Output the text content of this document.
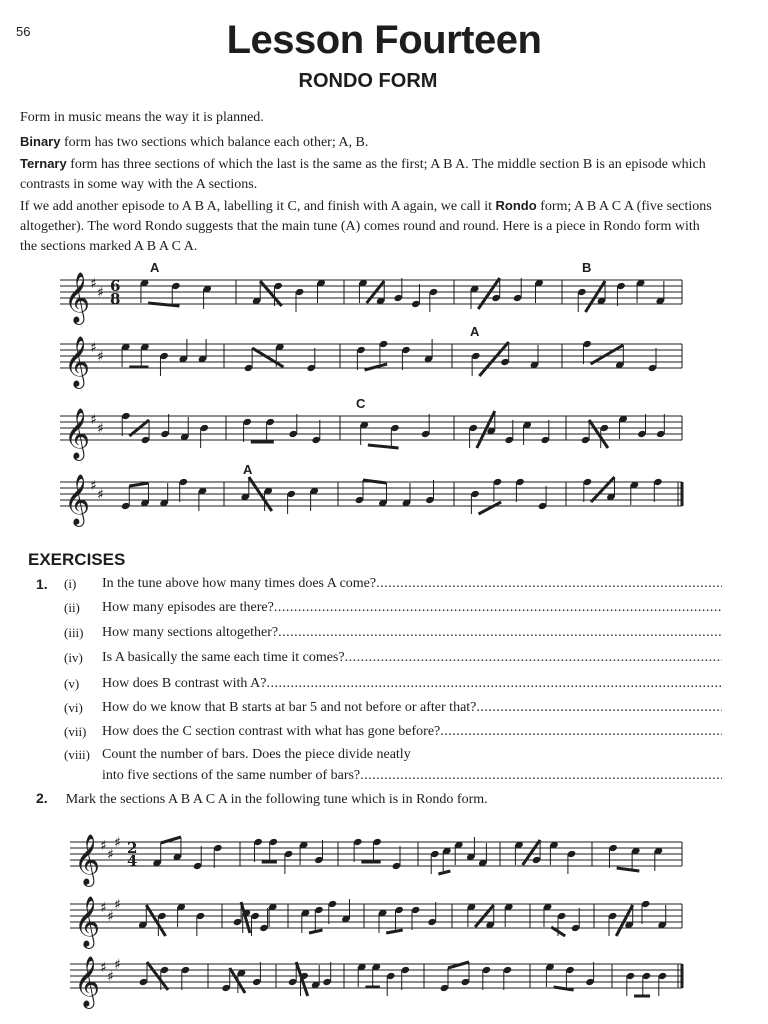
56	Lesson Fourteen
RONDO FORM
Form in music means the way it is planned.
Binary form has two sections which balance each other; A, B.
Ternary form has three sections of which the last is the same as the first; A B A. The middle section B is an episode which contrasts in some way with the A sections.
If we add another episode to A B A, labelling it C, and finish with A again, we call it Rondo form; A B A C A (five sections altogether). The word Rondo suggests that the main tune (A) comes round and round. Here is a piece in Rondo form with the sections marked A B A C A.
𝄞 ♯
♯ 6
8
A	B
𝄞 ♯
♯
A
𝄞 ♯
♯
C
𝄞 ♯
♯
A
EXERCISES
1. (i) In the tune above how many times does A come?
.....
(ii) How many episodes are there?
.....
(iii) How many sections altogether?
.....
(iv) Is A basically the same each time it comes?
.....
(v) How does B contrast with A?
.....
(vi) How do we know that B starts at bar 5 and not before or after that?
.....
(vii) How does the C section contrast with what has gone before?
.....
(viii) Count the number of bars. Does the piece divide neatly
into five sections of the same number of bars?
.....
2. Mark the sections A B A C A in the following tune which is in Rondo form.
𝄞 ♯
♯
♯ 2
4
𝄞 ♯
♯
♯
𝄞 ♯
♯
♯
